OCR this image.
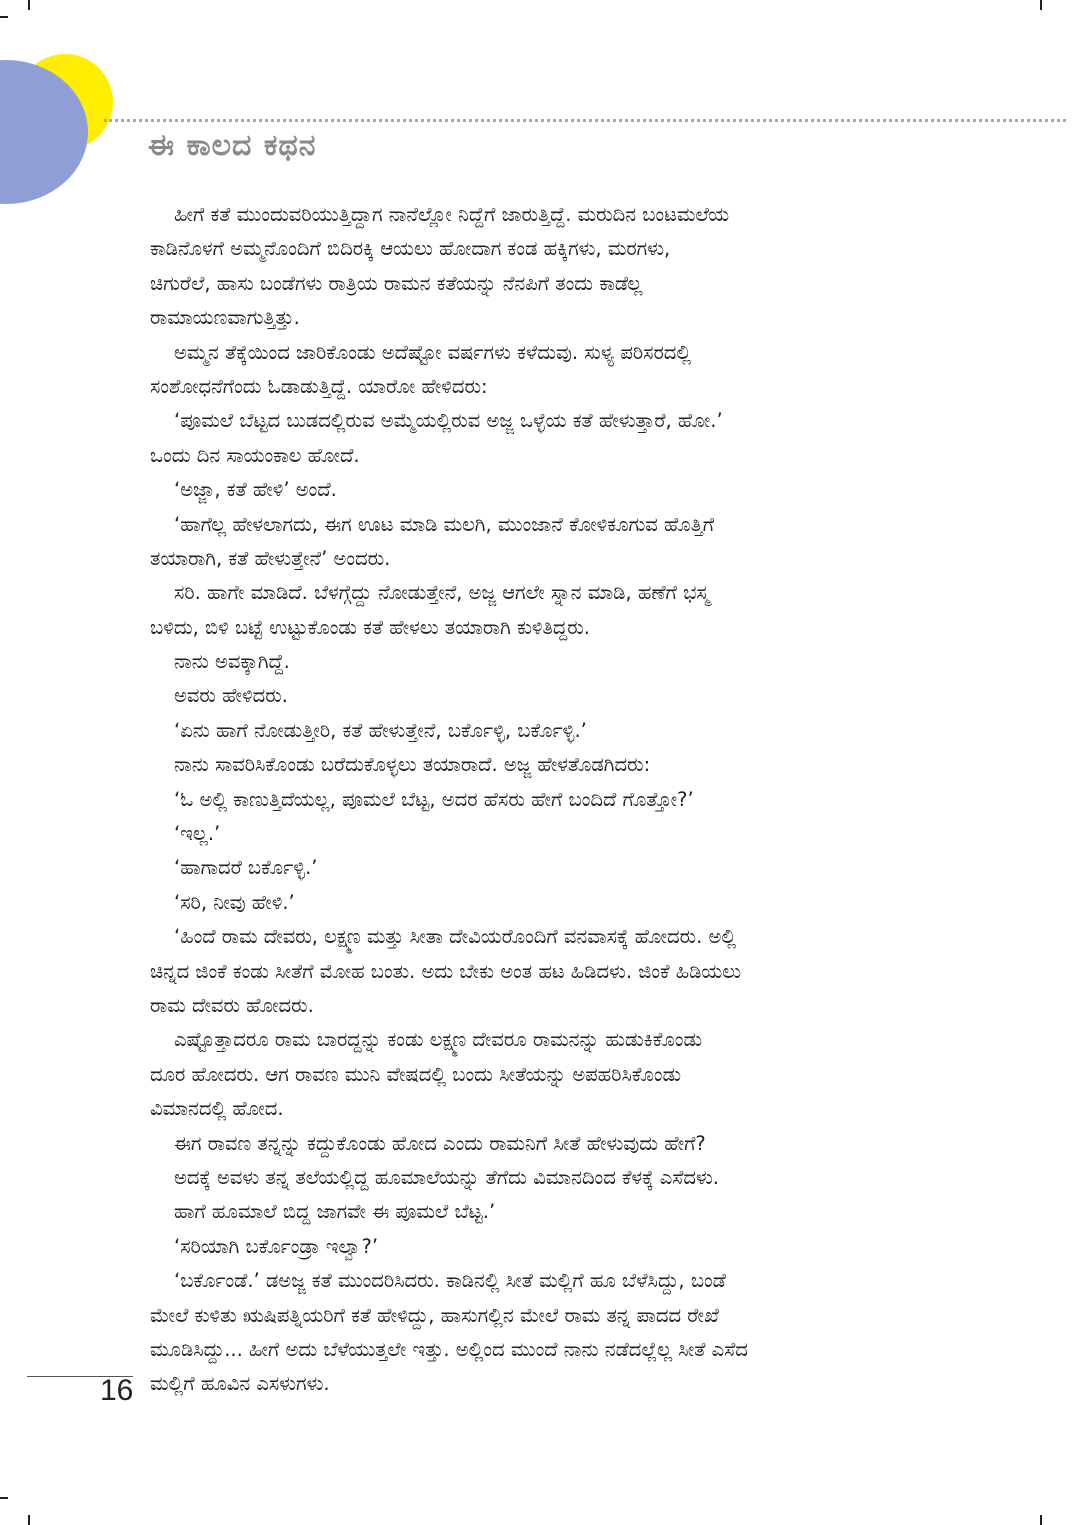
ಈ ಕಾಲದ ಕಥನ
ಹೀಗೆ ಕತೆ ಮುಂದುವರಿಯುತ್ತಿದ್ದಾಗ ನಾನೆಲ್ಲೋ ನಿದ್ದೆಗೆ ಜಾರುತ್ತಿದ್ದೆ. ಮರುದಿನ ಬಂಟಮಲೆಯ
ಕಾಡಿನೊಳಗೆ ಅಮ್ಮನೊಂದಿಗೆ ಬಿದಿರಕ್ಕಿ ಆಯಲು ಹೋದಾಗ ಕಂಡ ಹಕ್ಕಿಗಳು, ಮರಗಳು,
ಚಿಗುರೆಲೆ, ಹಾಸು ಬಂಡೆಗಳು ರಾತ್ರಿಯ ರಾಮನ ಕತೆಯನ್ನು ನೆನಪಿಗೆ ತಂದು ಕಾಡೆಲ್ಲ
ರಾಮಾಯಣವಾಗುತ್ತಿತ್ತು.
ಅಮ್ಮನ ತೆಕ್ಕೆಯಿಂದ ಜಾರಿಕೊಂಡು ಅದೆಷ್ಟೋ ವರ್ಷಗಳು ಕಳೆದುವು. ಸುಳ್ಯ ಪರಿಸರದಲ್ಲಿ
ಸಂಶೋಧನೆಗೆಂದು ಓಡಾಡುತ್ತಿದ್ದೆ. ಯಾರೋ ಹೇಳಿದರು:
‘ಪೂಮಲೆ ಬೆಟ್ಟದ ಬುಡದಲ್ಲಿರುವ ಅಮ್ಮೆಯಲ್ಲಿರುವ ಅಜ್ಜ ಒಳ್ಳೆಯ ಕತೆ ಹೇಳುತ್ತಾರೆ, ಹೋ.’
ಒಂದು ದಿನ ಸಾಯಂಕಾಲ ಹೋದೆ.
‘ಅಜ್ಜಾ, ಕತೆ ಹೇಳಿ’ ಅಂದೆ.
‘ಹಾಗೆಲ್ಲ ಹೇಳಲಾಗದು, ಈಗ ಊಟ ಮಾಡಿ ಮಲಗಿ, ಮುಂಜಾನೆ ಕೋಳಿಕೂಗುವ ಹೊತ್ತಿಗೆ
ತಯಾರಾಗಿ, ಕತೆ ಹೇಳುತ್ತೇನೆ’ ಅಂದರು.
ಸರಿ. ಹಾಗೇ ಮಾಡಿದೆ. ಬೆಳಗ್ಗೆದ್ದು ನೋಡುತ್ತೇನೆ, ಅಜ್ಜ ಆಗಲೇ ಸ್ನಾನ ಮಾಡಿ, ಹಣೆಗೆ ಭಸ್ಮ
ಬಳಿದು, ಬಿಳಿ ಬಟ್ಟೆ ಉಟ್ಟುಕೊಂಡು ಕತೆ ಹೇಳಲು ತಯಾರಾಗಿ ಕುಳಿತಿದ್ದರು.
ನಾನು ಅವಕ್ಕಾಗಿದ್ದೆ.
ಅವರು ಹೇಳಿದರು.
‘ಏನು ಹಾಗೆ ನೋಡುತ್ತೀರಿ, ಕತೆ ಹೇಳುತ್ತೇನೆ, ಬರ್ಕೊಳ್ಳಿ, ಬರ್ಕೊಳ್ಳಿ.’
ನಾನು ಸಾವರಿಸಿಕೊಂಡು ಬರೆದುಕೊಳ್ಳಲು ತಯಾರಾದೆ. ಅಜ್ಜ ಹೇಳತೊಡಗಿದರು:
‘ಓ ಅಲ್ಲಿ ಕಾಣುತ್ತಿದೆಯಲ್ಲ, ಪೂಮಲೆ ಬೆಟ್ಟ, ಅದರ ಹೆಸರು ಹೇಗೆ ಬಂದಿದೆ ಗೊತ್ತೋ?’
‘ಇಲ್ಲ.’
‘ಹಾಗಾದರೆ ಬರ್ಕೊಳ್ಳಿ.’
‘ಸರಿ, ನೀವು ಹೇಳಿ.’
‘ಹಿಂದೆ ರಾಮ ದೇವರು, ಲಕ್ಷ್ಮಣ ಮತ್ತು ಸೀತಾ ದೇವಿಯರೊಂದಿಗೆ ವನವಾಸಕ್ಕೆ ಹೋದರು. ಅಲ್ಲಿ
ಚಿನ್ನದ ಜಿಂಕೆ ಕಂಡು ಸೀತೆಗೆ ಮೋಹ ಬಂತು. ಅದು ಬೇಕು ಅಂತ ಹಟ ಹಿಡಿದಳು. ಜಿಂಕೆ ಹಿಡಿಯಲು
ರಾಮ ದೇವರು ಹೋದರು.
ಎಷ್ಟೊತ್ತಾದರೂ ರಾಮ ಬಾರದ್ದನ್ನು ಕಂಡು ಲಕ್ಷ್ಮಣ ದೇವರೂ ರಾಮನನ್ನು ಹುಡುಕಿಕೊಂಡು
ದೂರ ಹೋದರು. ಆಗ ರಾವಣ ಮುನಿ ವೇಷದಲ್ಲಿ ಬಂದು ಸೀತೆಯನ್ನು ಅಪಹರಿಸಿಕೊಂಡು
ವಿಮಾನದಲ್ಲಿ ಹೋದ.
ಈಗ ರಾವಣ ತನ್ನನ್ನು ಕದ್ದುಕೊಂಡು ಹೋದ ಎಂದು ರಾಮನಿಗೆ ಸೀತೆ ಹೇಳುವುದು ಹೇಗೆ?
ಅದಕ್ಕೆ ಅವಳು ತನ್ನ ತಲೆಯಲ್ಲಿದ್ದ ಹೂಮಾಲೆಯನ್ನು ತೆಗೆದು ವಿಮಾನದಿಂದ ಕೆಳಕ್ಕೆ ಎಸೆದಳು.
ಹಾಗೆ ಹೂಮಾಲೆ ಬಿದ್ದ ಜಾಗವೇ ಈ ಪೂಮಲೆ ಬೆಟ್ಟ.’
‘ಸರಿಯಾಗಿ ಬರ್ಕೊಂಡ್ರಾ ಇಲ್ವಾ?’
‘ಬರ್ಕೊಂಡೆ.’ ಡಅಜ್ಜ ಕತೆ ಮುಂದರಿಸಿದರು. ಕಾಡಿನಲ್ಲಿ ಸೀತೆ ಮಲ್ಲಿಗೆ ಹೂ ಬೆಳೆಸಿದ್ದು, ಬಂಡೆ
ಮೇಲೆ ಕುಳಿತು ಋಷಿಪತ್ನಿಯರಿಗೆ ಕತೆ ಹೇಳಿದ್ದು, ಹಾಸುಗಲ್ಲಿನ ಮೇಲೆ ರಾಮ ತನ್ನ ಪಾದದ ರೇಖೆ
ಮೂಡಿಸಿದ್ದು... ಹೀಗೆ ಅದು ಬೆಳೆಯುತ್ತಲೇ ಇತ್ತು. ಅಲ್ಲಿಂದ ಮುಂದೆ ನಾನು ನಡೆದಲ್ಲೆಲ್ಲ ಸೀತೆ ಎಸೆದ
ಮಲ್ಲಿಗೆ ಹೂವಿನ ಎಸಳುಗಳು.
16
